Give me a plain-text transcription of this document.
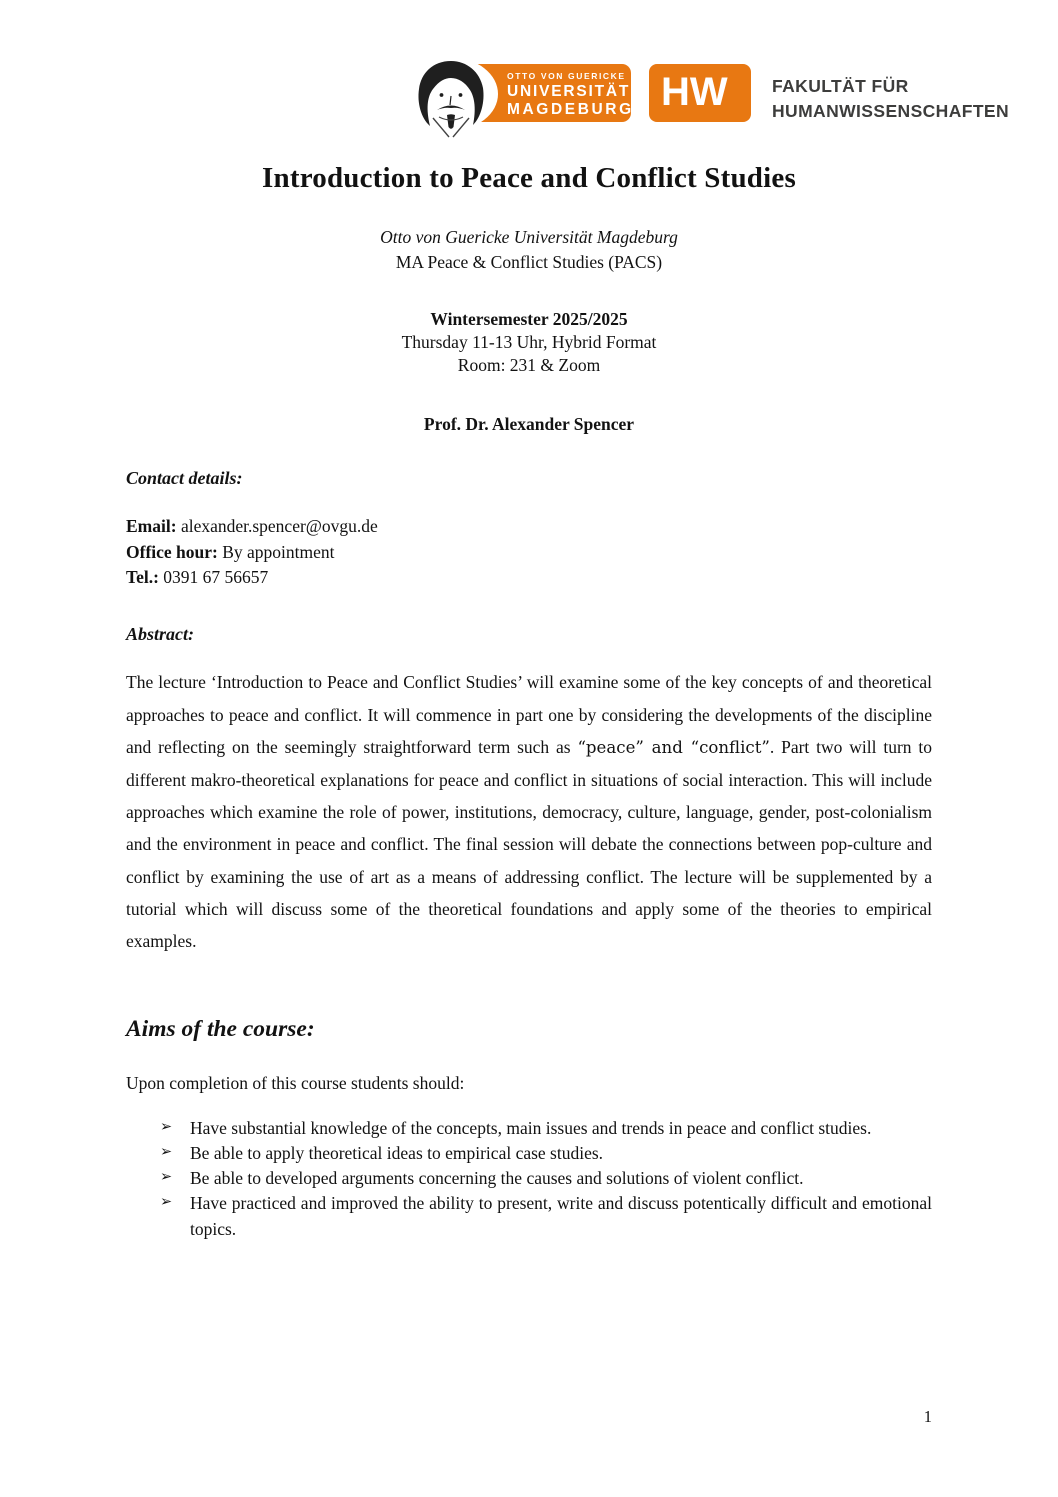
OTTO VON GUERICKE
UNIVERSITÄT
MAGDEBURG HW	FAKULTÄT FÜR
HUMANWISSENSCHAFTEN
Introduction to Peace and Conflict Studies
Otto von Guericke Universität Magdeburg
MA Peace & Conflict Studies (PACS)
Wintersemester 2025/2025
Thursday 11-13 Uhr, Hybrid Format
Room: 231 & Zoom
Prof. Dr. Alexander Spencer
Contact details:
Email: alexander.spencer@ovgu.de
Office hour: By appointment
Tel.: 0391 67 56657
Abstract:
The lecture ‘Introduction to Peace and Conflict Studies’ will examine some of the key concepts of and theoretical approaches to peace and conflict. It will commence in part one by considering the developments of the discipline and reflecting on the seemingly straightforward term such as “peace” and “conflict”. Part two will turn to different makro-theoretical explanations for peace and conflict in situations of social interaction. This will include approaches which examine the role of power, institutions, democracy, culture, language, gender, post-colonialism and the environment in peace and conflict. The final session will debate the connections between pop-culture and conflict by examining the use of art as a means of addressing conflict. The lecture will be supplemented by a tutorial which will discuss some of the theoretical foundations and apply some of the theories to empirical examples.
Aims of the course:
Upon completion of this course students should:
➢ Have substantial knowledge of the concepts, main issues and trends in peace and conflict studies.
➢ Be able to apply theoretical ideas to empirical case studies.
➢ Be able to developed arguments concerning the causes and solutions of violent conflict.
➢ Have practiced and improved the ability to present, write and discuss potentically difficult and emotional topics.
1
